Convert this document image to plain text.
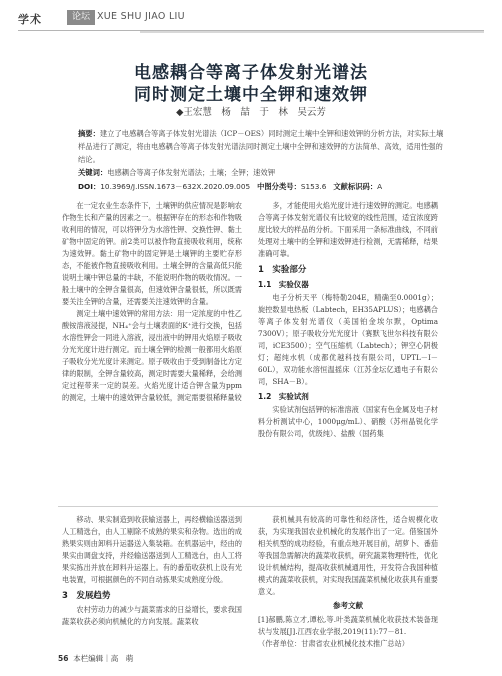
学术	论坛 XUE SHU JIAO LIU
电感耦合等离子体发射光谱法
同时测定土壤中全钾和速效钾
◆王宏慧　杨　喆　于　林　吴云芳
摘要：建立了电感耦合等离子体发射光谱法（ICP－OES）同时测定土壤中全钾和速效钾的分析方法，对实际土壤样品进行了测定，将由电感耦合等离子体发射光谱法同时测定土壤中全钾和速效钾的方法简单、高效，适用性强的结论。
关键词：电感耦合等离子体发射光谱法；土壤；全钾；速效钾
DOI：10.3969/J.ISSN.1673－632X.2020.09.005 中图分类号：S153.6 文献标识码：A

在一定农业生态条件下，土壤钾的供应情况是影响农作物生长和产量的因素之一。根据钾存在的形态和作物吸收利用的情况，可以将钾分为水溶性钾、交换性钾、黏土矿物中固定的钾。前2类可以被作物直接吸收利用，统称为速效钾。黏土矿物中的固定钾是土壤钾的主要贮存形态，不能被作物直接吸收利用。土壤全钾的含量高低只能说明土壤中钾总量的丰缺，不能说明作物的吸收情况。一般土壤中的全钾含量很高，但速效钾含量很低，所以既需要关注全钾的含量，还需要关注速效钾的含量。

测定土壤中速效钾的常用方法：用一定浓度的中性乙酸铵溶液浸提，NH₄⁺会与土壤表面的K⁺进行交换，包括水溶性钾会一同进入溶液，浸出液中的钾用火焰原子吸收分光光度计进行测定。而土壤全钾的检测一般都用火焰原子吸收分光光度计来测定。原子吸收由于受到制备比方定律的限制，全钾含量较高，测定时需要大量稀释，会给测定过程带来一定的误差。火焰光度计适合钾含量为ppm的测定，土壤中的速效钾含量较低，测定需要很稀释量较

多，才能使用火焰光度计进行速效钾的测定。电感耦合等离子体发射光谱仪有比较宽的线性范围，适宜浓度跨度比较大的样品的分析。下面采用一条标准曲线，不同前处理对土壤中的全钾和速效钾进行检测，无需稀释，结果准确可靠。

1　实验部分
1.1　实验仪器

电子分析天平（梅特勒204E，精确至0.0001g）；旋控数显电热板（Labtech，EH35APLUS）；电感耦合等离子体发射光谱仪（美国铂金埃尔默，Optima 7300V）；原子吸收分光光度计（赛默飞世尔科技有限公司，iCE3500）；空气压缩机（Labtech）；钾空心阴极灯；超纯水机（成都优越科技有限公司，UPTL－I－60L），双功能水溶恒温摇床（江苏金坛亿通电子有限公司，SHA－B）。

1.2　实验试剂

实验试剂包括钾的标准溶液（国家有色金属及电子材料分析测试中心，1000μg/mL）、硝酸（苏州晶锐化学股份有限公司，优级纯）、盐酸（国药集

移动、果实制造到收获输送器上，再经横输送器送到人工精选台，由人工剔除不成熟的果实和杂物。选出的成熟果实则由卸料升运器送入集装箱。在机器运中，经由的果实由调盘支持，并经输送器送到人工精选台，由人工将果实拣出并放在卸料升运器上。有的番茄收获机上设有光电装置，可根据颜色的不同自动拣果实成熟度分级。

3　发展趋势

农村劳动力的减少与蔬菜需求的日益增长，要求我国蔬菜收获必须向机械化的方向发展。蔬菜收

获机械具有较高的可靠性和经济性，适合规模化收获，为实现我国农业机械化的发展作出了一定。借鉴国外相关机型的成功经验，有重点地开展目前，胡萝卜、番茄等我国急需解决的蔬菜收获机，研究蔬菜物理特性，优化设计机械结构，提高收获机械通用性，开发符合我国种植模式的蔬菜收获机，对实现我国蔬菜机械化收获具有重要意义。

参考文献

[1]郝鹏,陈立才,谭松,等.叶类蔬菜机械化收获技术装备现状与发展[J].江西农业学报,2019(11):77－81.

（作者单位：甘肃省农业机械化技术推广总站）

56 本栏编辑｜高　萌
